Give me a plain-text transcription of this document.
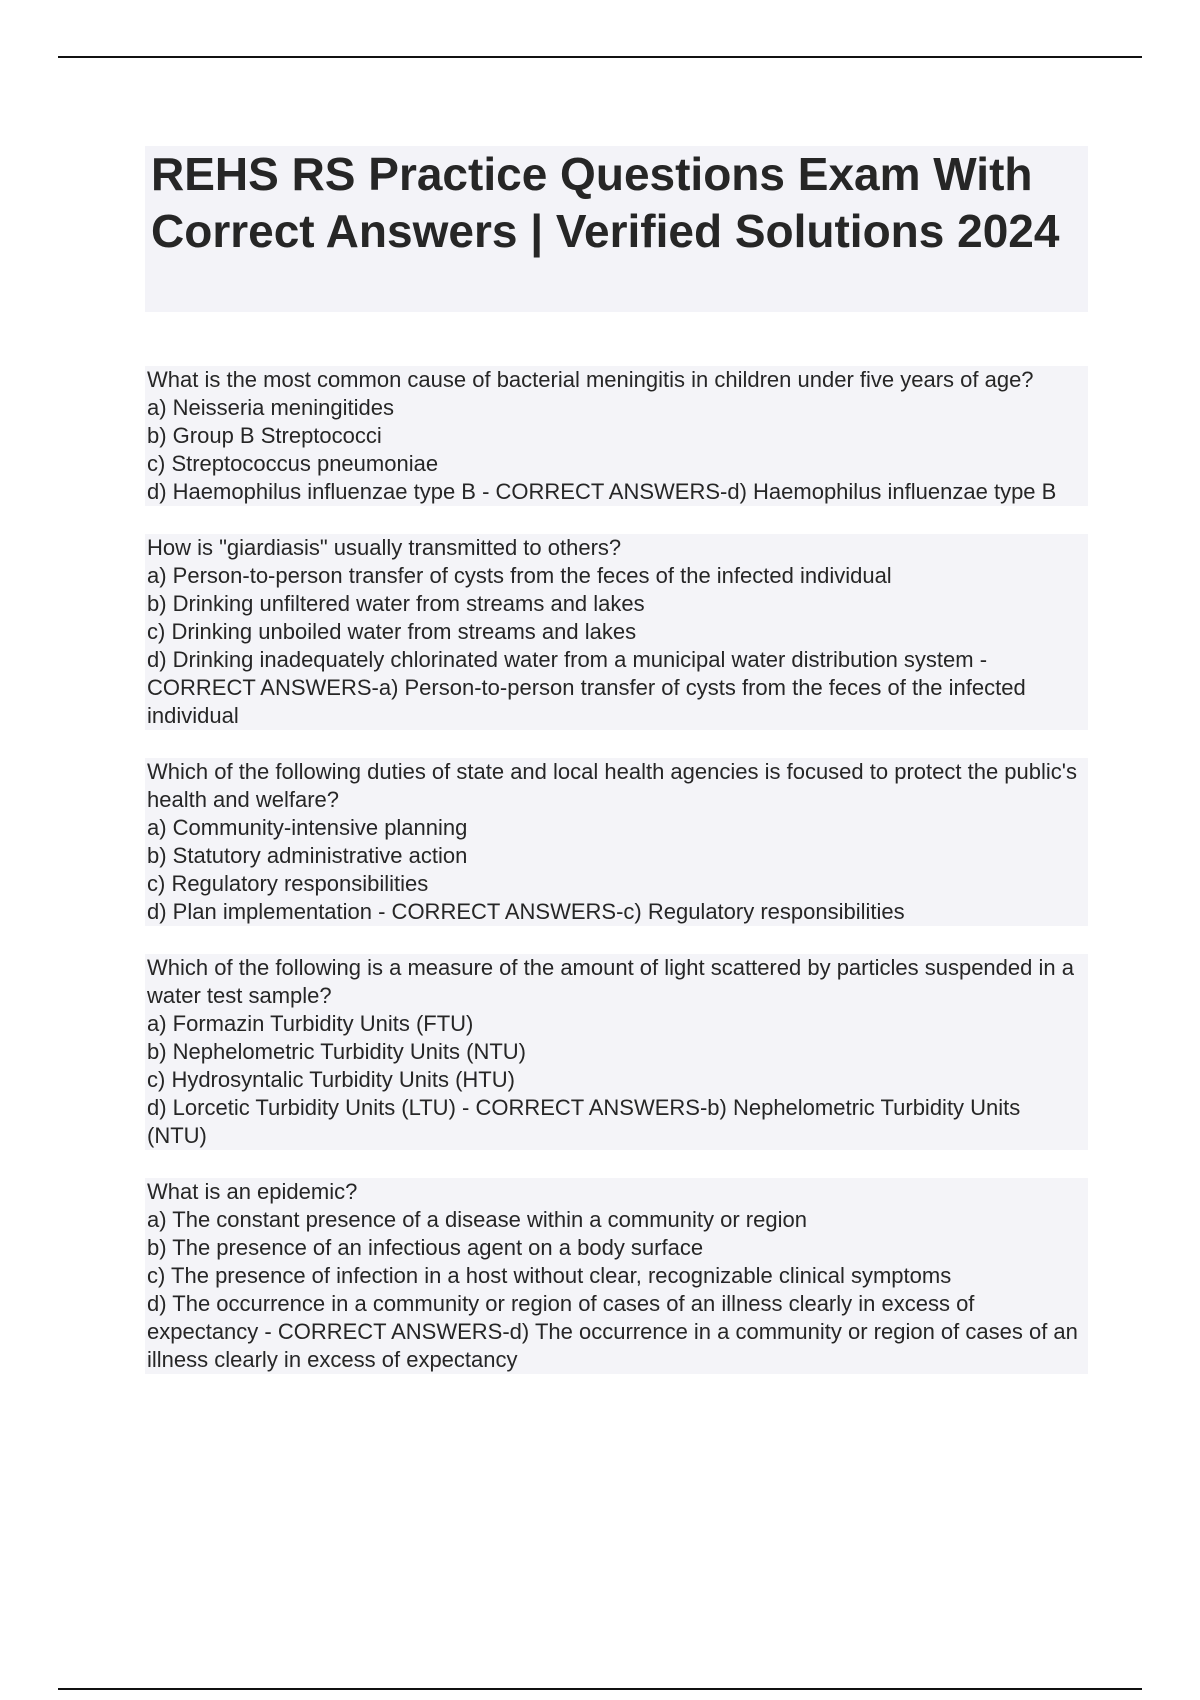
REHS RS Practice Questions Exam With Correct Answers | Verified Solutions 2024
What is the most common cause of bacterial meningitis in children under five years of age?
a) Neisseria meningitides
b) Group B Streptococci
c) Streptococcus pneumoniae
d) Haemophilus influenzae type B - CORRECT ANSWERS-d) Haemophilus influenzae type B
How is "giardiasis" usually transmitted to others?
a) Person-to-person transfer of cysts from the feces of the infected individual
b) Drinking unfiltered water from streams and lakes
c) Drinking unboiled water from streams and lakes
d) Drinking inadequately chlorinated water from a municipal water distribution system - CORRECT ANSWERS-a) Person-to-person transfer of cysts from the feces of the infected individual
Which of the following duties of state and local health agencies is focused to protect the public's health and welfare?
a) Community-intensive planning
b) Statutory administrative action
c) Regulatory responsibilities
d) Plan implementation - CORRECT ANSWERS-c) Regulatory responsibilities
Which of the following is a measure of the amount of light scattered by particles suspended in a water test sample?
a) Formazin Turbidity Units (FTU)
b) Nephelometric Turbidity Units (NTU)
c) Hydrosyntalic Turbidity Units (HTU)
d) Lorcetic Turbidity Units (LTU) - CORRECT ANSWERS-b) Nephelometric Turbidity Units (NTU)
What is an epidemic?
a) The constant presence of a disease within a community or region
b) The presence of an infectious agent on a body surface
c) The presence of infection in a host without clear, recognizable clinical symptoms
d) The occurrence in a community or region of cases of an illness clearly in excess of expectancy - CORRECT ANSWERS-d) The occurrence in a community or region of cases of an illness clearly in excess of expectancy
